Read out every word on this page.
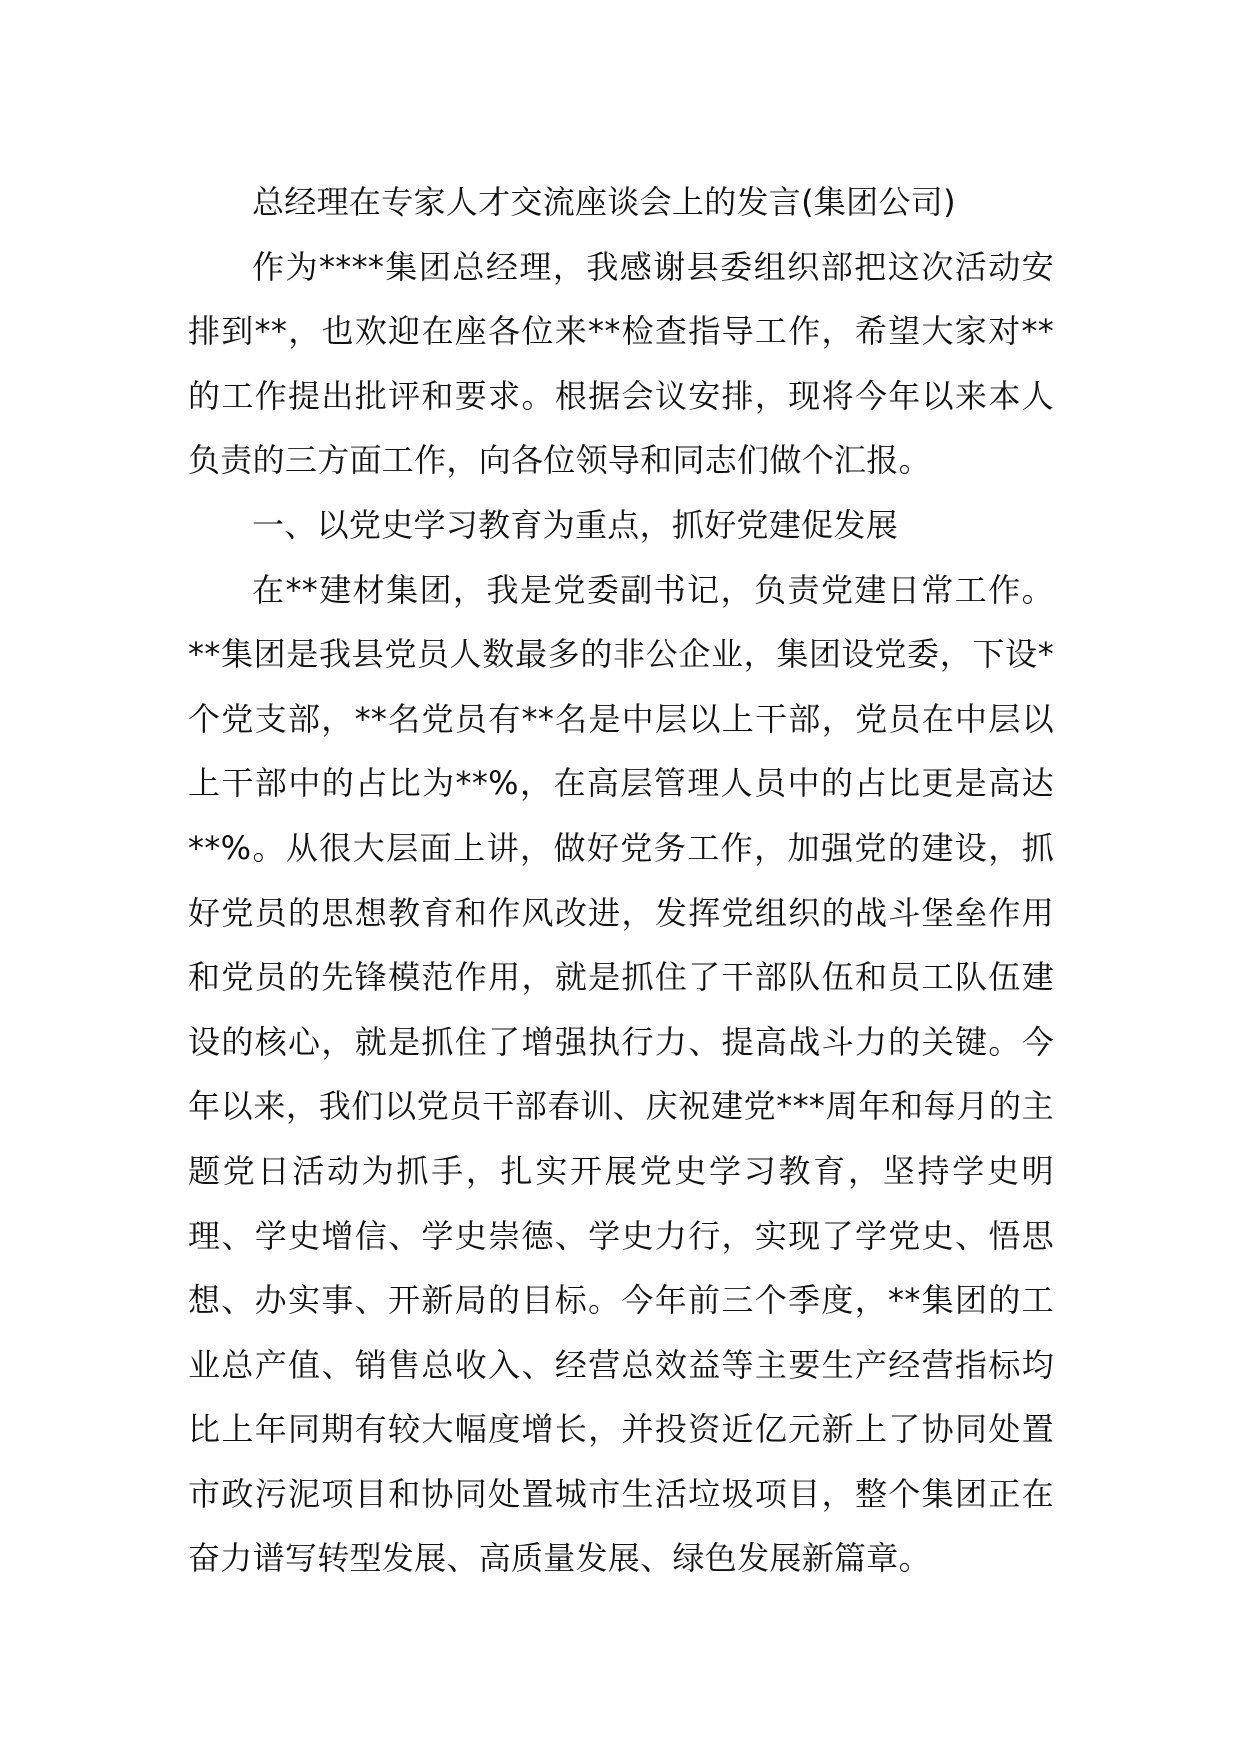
总经理在专家人才交流座谈会上的发言(集团公司)

作为****集团总经理，我感谢县委组织部把这次活动安排到**，也欢迎在座各位来**检查指导工作，希望大家对**的工作提出批评和要求。根据会议安排，现将今年以来本人负责的三方面工作，向各位领导和同志们做个汇报。

一、以党史学习教育为重点，抓好党建促发展

在**建材集团，我是党委副书记，负责党建日常工作。**集团是我县党员人数最多的非公企业，集团设党委，下设*个党支部，**名党员有**名是中层以上干部，党员在中层以上干部中的占比为**%，在高层管理人员中的占比更是高达**%。从很大层面上讲，做好党务工作，加强党的建设，抓好党员的思想教育和作风改进，发挥党组织的战斗堡垒作用和党员的先锋模范作用，就是抓住了干部队伍和员工队伍建设的核心，就是抓住了增强执行力、提高战斗力的关键。今年以来，我们以党员干部春训、庆祝建党***周年和每月的主题党日活动为抓手，扎实开展党史学习教育，坚持学史明理、学史增信、学史崇德、学史力行，实现了学党史、悟思想、办实事、开新局的目标。今年前三个季度，**集团的工业总产值、销售总收入、经营总效益等主要生产经营指标均比上年同期有较大幅度增长，并投资近亿元新上了协同处置市政污泥项目和协同处置城市生活垃圾项目，整个集团正在奋力谱写转型发展、高质量发展、绿色发展新篇章。
